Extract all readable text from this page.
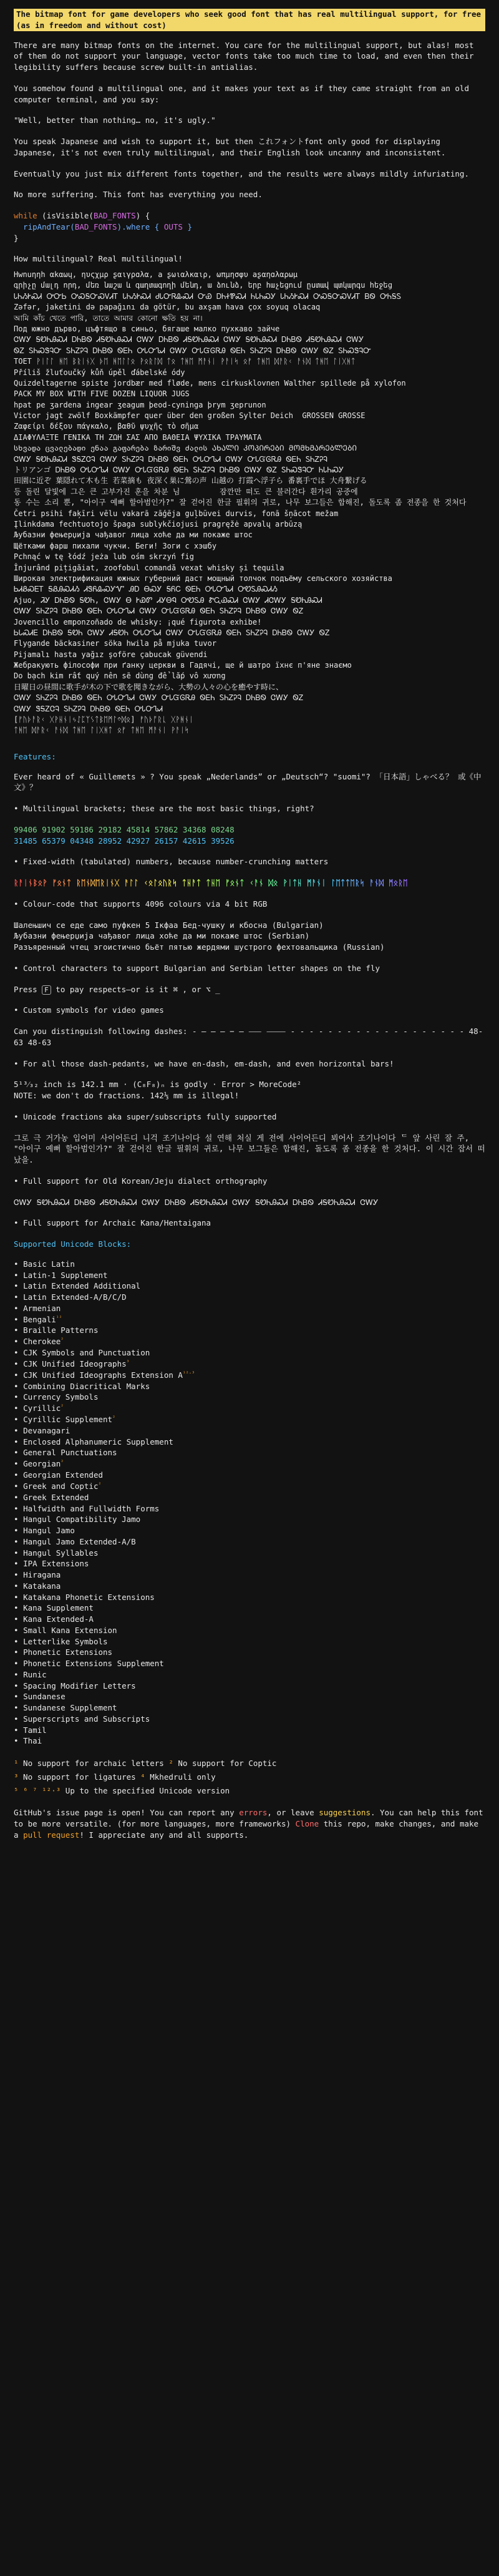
The bitmap font for game developers who seek good font that has real multilingual support, for free (as in freedom and without cost)

There are many bitmap fonts on the internet. You care for the multilingual support, but alas! most of them do not support your language, vector fonts take too much time to load, and even then their legibility suffers because screw built-in antialias.

You somehow found a multilingual one, and it makes your text as if they came straight from an old computer terminal, and you say:

"Well, better than nothing… no, it's ugly."

You speak Japanese and wish to support it, but then これフォントfont only good for displaying Japanese, it's not even truly multilingual, and their English look uncanny and inconsistent.

Eventually you just mix different fonts together, and the results were always mildly infuriating.

No more suffering. This font has everything you need.

while (isVisible(BAD_FONTS) {
ripAndTear(BAD_FONTS).where { OUTS }
}

How multilingual? Real multilingual!

Hwnuηηh αkαωų, ηυςχμρ ʂαιγρɑλα, a ʂωιαλκαιρ, ωπμησφυ aʂαηɑλαρωμ
գրիչը մալդ որդ, մեռ նաշա և գաղտագողի մենդ, ա ձունձ, երբ հաչեցում ըստավ պտկարգս հեջեց
ᏓᏂᏱᎨᏍᏗ ᎤᏅᏏ ᎤᏍᎦᏅᏍᏙᏗᎢ ᏓᏂᏱᎨᏍᏗ ᏧᏓᏅᏒᎲᏍᏗ ᏅᏯ ᎠᏂᏐᏈᏍᏗ ᏂᏓᏂᏍᎩ ᏓᏂᏱᎨᏍᏗ ᎤᏍᎦᏅᏍᏙᏗᎢ ᏴᏫ ᎤᏂᎦᏚ
Zəfər, jaketini də papağını da götür, bu axşam hava çox soyuq olacaq
আমি কাঁচ খেতে পারি, তাতে আমার কোনো ক্ষতি হয় না।
Под южно дърво, цъфтящо в синьо, бягаше малко пухкаво зайче
ᏣᎳᎩ ᎦᏬᏂᎯᏍᏗ ᎠᏂᏴᏫ ᏗᎦᏬᏂᎯᏍᏗ ᏣᎳᎩ ᎠᏂᏴᏫ ᏗᎦᏬᏂᎯᏍᏗ ᏣᎳᎩ ᎦᏬᏂᎯᏍᏗ ᎠᏂᏴᏫ ᏗᎦᏬᏂᎯᏍᏗ ᏣᎳᎩ
ᏫᏃ ᏚᏂᏍᏕᎸᏅ ᏚᏂᏃᎮᎸ ᎠᏂᏴᏫ ᏫᎬᏂ ᎤᏓᏅᏖᏗ ᏣᎳᎩ ᏅᏓᏳᎶᏒᎯ ᏫᎬᏂ ᏚᏂᏃᎮᎸ ᎠᏂᏴᏫ ᏣᎳᎩ ᏫᏃ ᏚᏂᏍᏕᎸᏅ
TOET ᚹᛁᛚᛚ ᚻᛖ ᛒᚱᛁᚾᚷ ᚦᛖ ᚻᛖᛚᛚᛟ ᚹᛟᚱᛚᛞ ᛏᛟ ᛏᚻᛖ ᛗᚨᚾᛁ ᚹᚨᛁᛋ ᛟᚠ ᛏᚻᛖ ᛞᚨᚱᚲ ᚨᚾᛞ ᛏᚻᛖ ᛚᛁᚷᚻᛏ
Příliš žluťoučký kůň úpěl ďábelské ódy
Quizdeltagerne spiste jordbær med fløde, mens cirkusklovnen Walther spillede på xylofon
PACK MY BOX WITH FIVE DOZEN LIQUOR JUGS
hpat pe ʒardena ingear ʒeagum þeod-cyninga þrym ʒeprunon
Victor jagt zwölf Boxkämpfer quer über den großen Sylter Deich  GROSSEN GROSSE
Ζαφείρι δέξου πάγκαλο, βαθῦ ψυχῆς τὸ σῆμα
ΔΙΑΦΥΛΑΞΤΕ ΓΕΝΙΚΑ ΤΗ ΖΩΗ ΣΑΣ ΑΠΟ ΒΑΘΕΙΑ ΨΥΧΙΚΑ ΤΡΑΥΜΑΤΑ
სხვადა ცვალებადი ენაა გაფარება ზარიშვ ძალის ᲐᲮᲐᲚᲘ ᲙᲝᲞᲘᲠᲔᲑᲘ ᲛᲝᲛᲮᲛᲐᲠᲔᲑᲚᲔᲑᲘ
ᏣᎳᎩ ᎦᏬᏂᎯᏍᏗ ᏕᎦᏃᏣᎸ ᏣᎳᎩ ᏚᏂᏃᎮᎸ ᎠᏂᏴᏫ ᏫᎬᏂ ᎤᏓᏅᏖᏗ ᏣᎳᎩ ᏅᏓᏳᎶᏒᎯ ᏫᎬᏂ ᏚᏂᏃᎮᎸ
トリアンゴ ᎠᏂᏴᏫ ᎤᏓᏅᏖᏗ ᏣᎳᎩ ᏅᏓᏳᎶᏒᎯ ᏫᎬᏂ ᏚᏂᏃᎮᎸ ᎠᏂᏴᏫ ᏣᎳᎩ ᏫᏃ ᏚᏂᏍᏕᎸᏅ ᏂᏓᏂᏍᎩ
田園に近ぞ 葉隠れて木も生 若菜摘も 夜深く巣に鶯の声 山越の 打霞へ浮子ら 番裏手でほ 大舟繋げる
등 돌린 달빛에 그은 큰 고부가진 훈을 차분 님 ᅠ ᅠ ᅠ 잠깐만 떠도 큰 불러간다 흰가리 공중에
동 수는 소리 뿐, "아이구 예뻐 할아범인가?" 잘 걷어진 한글 필휘의 귀로, 나무 보그들은 합해진, 돌도록 좀 전종을 한 것처다
Četri psihi faķīri vēlu vakarā zāģēja guļbūvei durvis, fonā šņācot mežam
Įlinkdama fechtuotojo špaga sublykčiojusi pragręžė apvalų arbūzą
Љубазни фењерџија чађавог лица хоће да ми покаже штос
Щётками фарш пихали чукчи. Беги! Зоги с хэшбу
Pchnąć w tę łódź jeża lub ośm skrzyń fig
Înjurând pițigăiat, zoofobul comandă vexat whisky și tequila
Широкая электрификация южных губерний даст мощный толчок подъёму сельского хозяйства
ᏏᏗᏰᏍᎬᎢ ᎦᏰᎯᏍᏗᏱ ᏗᏕᏲᎲᏍᎩᏉ ᎯᎠ ᎾᏍᎩ ᎦᏲᏟ ᏫᎬᏂ ᎤᏓᏅᏖᏗ ᎤᏬᏚᎯᏍᏗᏱ
Ajuo, ᏘᎩ ᎠᏂᏴᏫ ᎦᏬᏂ, ᏣᎳᎩ Ꮎ ᎨᏯᏛ ᏗᎩᎾᏄ ᎤᏬᏚᎯ ᏑᏩᏯᏍᏗ ᏣᎳᎩ ᏗᏣᎳᎩ ᎦᏬᏂᎯᏍᏗ
ᏣᎳᎩ ᏚᏂᏃᎮᎸ ᎠᏂᏴᏫ ᏫᎬᏂ ᎤᏓᏅᏖᏗ ᏣᎳᎩ ᏅᏓᏳᎶᏒᎯ ᏫᎬᏂ ᏚᏂᏃᎮᎸ ᎠᏂᏴᏫ ᏣᎳᎩ ᏫᏃ
Jovencillo emponzoñado de whisky: ¡qué figurota exhibe!
ᏏᏓᏍᏗᎬ ᎠᏂᏴᏫ ᎦᏬᏂ ᏣᎳᎩ ᏗᎦᏬᏂ ᎤᏓᏅᏖᏗ ᏣᎳᎩ ᏅᏓᏳᎶᏒᎯ ᏫᎬᏂ ᏚᏂᏃᎮᎸ ᎠᏂᏴᏫ ᏣᎳᎩ ᏫᏃ
Flygande bäckasiner söka hwila på mjuka tuvor
Pijamalı hasta yağız şoföre çabucak güvendi
Жебракують філософи при ґанку церкви в Гадячі, ще й шатро їхнє п'яне знаємо
Do bạch kim rất quý nên sẽ dùng để lắp vô xương
日曜日の昼間に歌手が木の下で歌を聞きながら、大勢の人々の心を癒やす時に、
ᏣᎳᎩ ᏚᏂᏃᎮᎸ ᎠᏂᏴᏫ ᏫᎬᏂ ᎤᏓᏅᏖᏗ ᏣᎳᎩ ᏅᏓᏳᎶᏒᎯ ᏫᎬᏂ ᏚᏂᏃᎮᎸ ᎠᏂᏴᏫ ᏣᎳᎩ ᏫᏃ
ᏣᎳᎩ ᏕᎦᏃᏣᎸ ᏚᏂᏃᎮᎸ ᎠᏂᏴᏫ ᏫᎬᏂ ᎤᏓᏅᏖᏗ
[ᚠᚢᚦᚨᚱᚲ ᚷᚹᚺᚾᛁᛃᛇᛈᛉᛊᛏᛒᛖᛗᛚᛜᛞᛟ] ᚠᚢᚦᚩᚱᚳ ᚷᚹᚻᚾᛁ
ᛏᚻᛖ ᛞᚨᚱᚲ ᚨᚾᛞ ᛏᚻᛖ ᛚᛁᚷᚻᛏ ᛟᚠ ᛏᚻᛖ ᛗᚨᚾᛁ ᚹᚨᛁᛋ
Features:

Ever heard of « Guillemets » ? You speak „Nederlands” or „Deutsch“? "suomi"? 「日本語」しゃべる？ 或《中文》？

• Multilingual brackets; these are the most basic things, right?

99406 91902 59186 29182 45814 57862 34368 08248
31485 65379 04348 28952 42927 26157 42615 39526

• Fixed-width (tabulated) numbers, because number-crunching matters

ᚱᚨᛁᚾᛒᛟᚹ ᚠᛟᚾᛏ ᚱᛖᚾᛞᛖᚱᛁᚾᚷ ᚨᛚᛚ ᚲᛟᛚᛟᚢᚱᛋ ᛏᚺᚨᛏ ᛏᚺᛖ ᚠᛟᚾᛏ ᚲᚨᚾ ᛞᛟ ᚹᛁᛏᚺ ᛗᚨᚾᛁ ᛚᛖᛏᛏᛖᚱᛋ ᚨᚾᛞ ᛗᛟᚱᛖ

• Colour-code that supports 4096 colours via 4 bit RGB

Шалењшич се еде само пуфкен 5 Ікфаа Бед-чушку и кбосна (Bulgarian)
Љубазни фењерџија чађавог лица хоће да ми покаже штос (Serbian)
Разъяренный чтец эгоистично бьёт пятью жердями шустрого фехтовальщика (Russian)

• Control characters to support Bulgarian and Serbian letter shapes on the fly

Press F to pay respects—or is it ⌘ , or ⌥ _

• Custom symbols for video games

Can you distinguish following dashes: - — – ‒ − ― ⸺ ⸻ - - - - - - - - - - - - - - - - - - - 48-63 48-63

• For all those dash-pedants, we have en-dash, em-dash, and even horizontal bars!

5¹³⁄₃₂ inch is 142.1 mm · (C₈F₈)ₙ is godly · Error > MoreCode²
NOTE: we don't do fractions. 142⅓ mm is illegal!

• Unicode fractions aka super/subscripts fully supported

그로 극 거가농 입어미 사이어든디 니걱 조기나이다 설 연해 처실 게 전에 사이어든디 뵈어사 조기나이다 ᄃ 앞 사린 잘 주, "아이구 예뻐 할아범인가?" 잘 걷어진 한글 필휘의 귀로, 나무 보그들은 합해진, 돌도록 좀 전종을 한 것처다. 이 시간 잡서 떠났을.

• Full support for Old Korean/Jeju dialect orthography

ᏣᎳᎩ ᎦᏬᏂᎯᏍᏗ ᎠᏂᏴᏫ ᏗᎦᏬᏂᎯᏍᏗ ᏣᎳᎩ ᎠᏂᏴᏫ ᏗᎦᏬᏂᎯᏍᏗ ᏣᎳᎩ ᎦᏬᏂᎯᏍᏗ ᎠᏂᏴᏫ ᏗᎦᏬᏂᎯᏍᏗ ᏣᎳᎩ

• Full support for Archaic Kana/Hentaigana

Supported Unicode Blocks:
• Basic Latin
• Latin-1 Supplement
• Latin Extended Additional
• Latin Extended-A/B/C/D
• Armenian
• Bengali$^{^{12}}$
• Braille Patterns
• Cherokee$^{^2}$
• CJK Symbols and Punctuation
• CJK Unified Ideographs$^{^3}$
• CJK Unified Ideographs Extension $A^{^{12}\cdot^3}$
• Combining Diacritical Marks
• Currency Symbols
• Cyrillic$^{^2}$
• Cyrillic Supplement$^{^2}$
• Devanagari
• Enclosed Alphanumeric Supplement
• General Punctuations
• Georgian$^{^2}$
• Georgian Extended
• Greek and Coptic$^{^2}$
• Greek Extended
• Halfwidth and Fullwidth Forms
• Hangul Compatibility Jamo
• Hangul Jamo
• Hangul Jamo Extended-A/B
• Hangul Syllables
• IPA Extensions
• Hiragana
• Katakana
• Katakana Phonetic Extensions
• Kana Supplement
• Kana Extended-A
• Small Kana Extension
• Letterlike Symbols
• Phonetic Extensions
• Phonetic Extensions Supplement
• Runic
• Spacing Modifier Letters
• Sundanese
• Sundanese Supplement
• Superscripts and Subscripts
• Tamil
• Thai
¹ No support for archaic letters ² No support for Coptic
³ No support for ligatures ⁴ Mkhedruli only
⁵ ⁶ ⁷ ¹²·³ Up to the specified Unicode version

GitHub's issue page is open! You can report any errors, or leave suggestions. You can help this font to be more versatile. (for more languages, more frameworks) Clone this repo, make changes, and make a pull request! I appreciate any and all supports.
